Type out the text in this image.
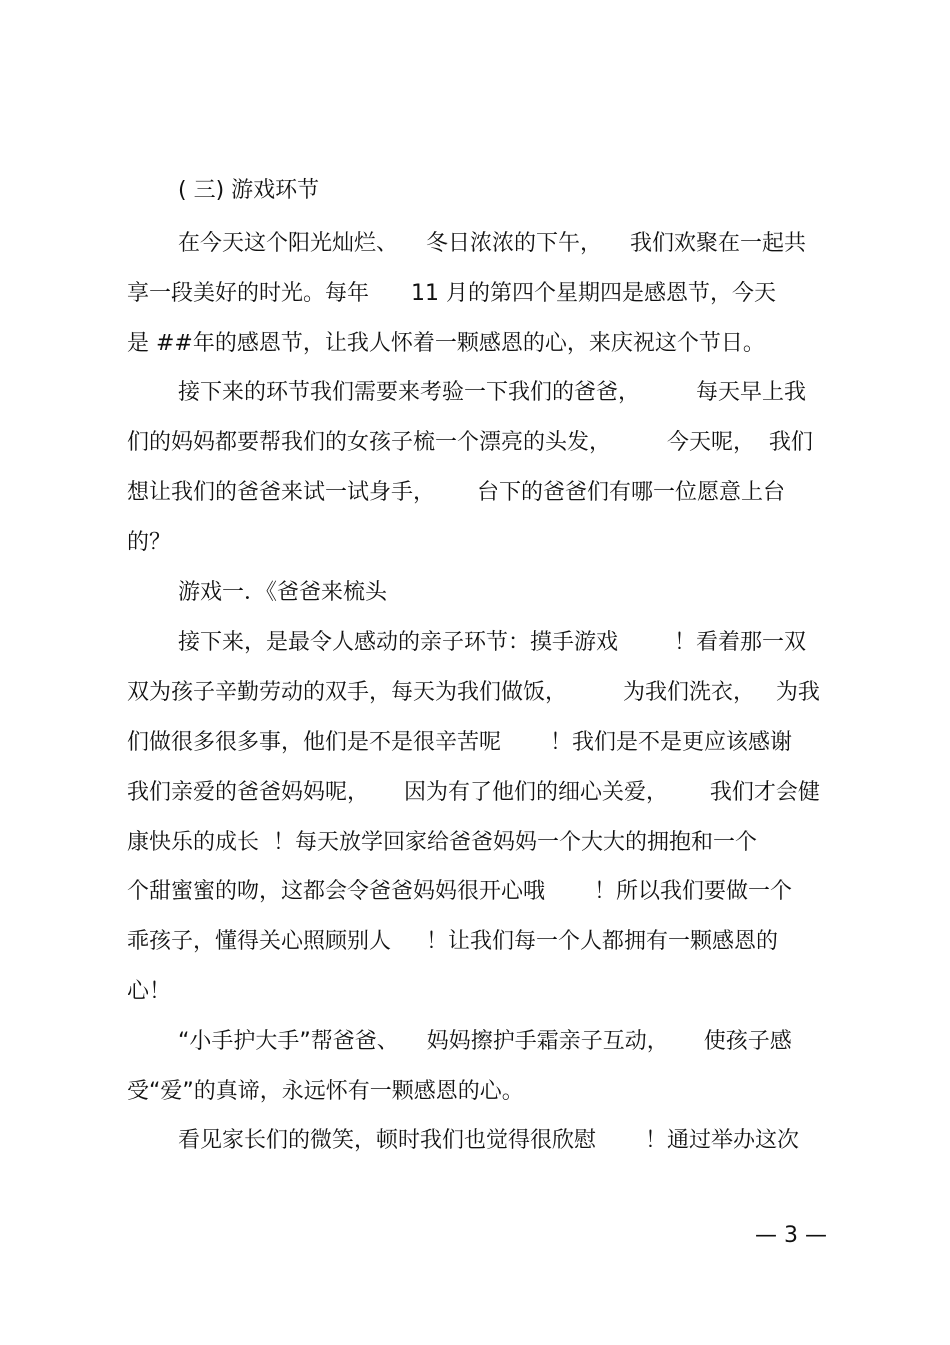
( 三) 游戏环节
在今天这个阳光灿烂、    冬日浓浓的下午，    我们欢聚在一起共
享一段美好的时光。每年      11 月的第四个星期四是感恩节，今天
是 ##年的感恩节，让我人怀着一颗感恩的心，来庆祝这个节日。
接下来的环节我们需要来考验一下我们的爸爸，        每天早上我
们的妈妈都要帮我们的女孩子梳一个漂亮的头发，        今天呢，  我们
想让我们的爸爸来试一试身手，      台下的爸爸们有哪一位愿意上台
的？
游戏一．《爸爸来梳头
接下来，是最令人感动的亲子环节：摸手游戏        ！看着那一双
双为孩子辛勤劳动的双手，每天为我们做饭，        为我们洗衣，   为我
们做很多很多事，他们是不是很辛苦呢       ！我们是不是更应该感谢
我们亲爱的爸爸妈妈呢，     因为有了他们的细心关爱，      我们才会健
康快乐的成长  ！每天放学回家给爸爸妈妈一个大大的拥抱和一个
个甜蜜蜜的吻，这都会令爸爸妈妈很开心哦       ！所以我们要做一个
乖孩子，懂得关心照顾别人     ！让我们每一个人都拥有一颗感恩的
心！
“小手护大手”帮爸爸、    妈妈擦护手霜亲子互动，     使孩子感
受“爱”的真谛，永远怀有一颗感恩的心。
看见家长们的微笑，顿时我们也觉得很欣慰       ！通过举办这次
— 3 —
